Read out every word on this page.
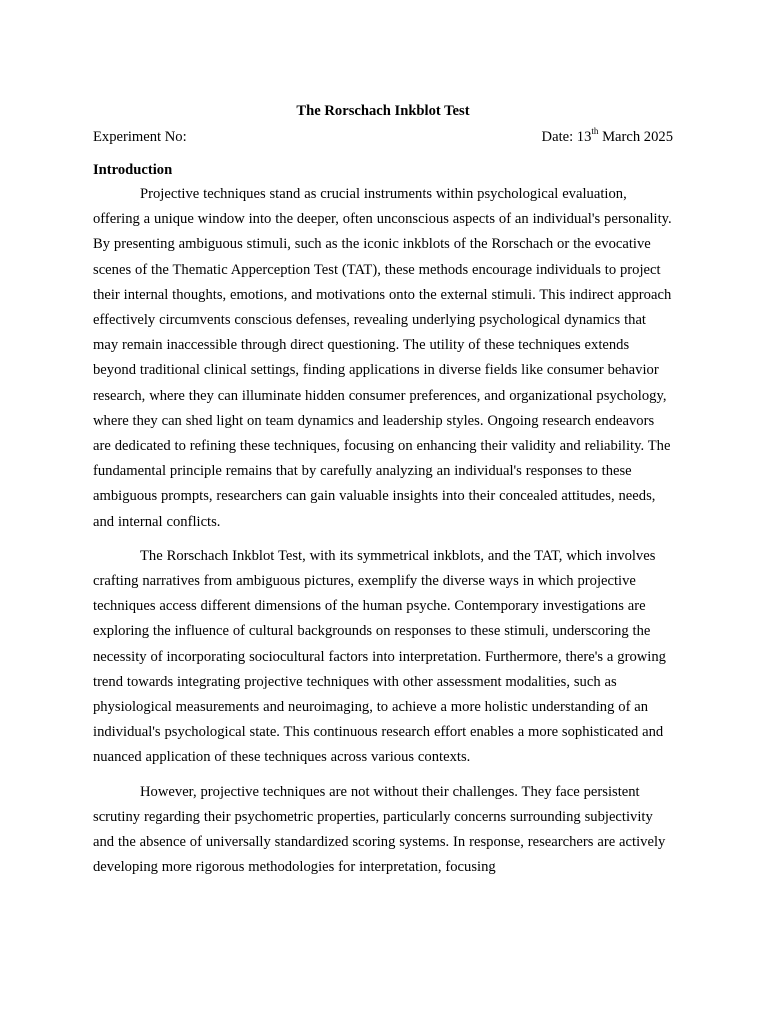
The Rorschach Inkblot Test
Experiment No:	Date: 13th March 2025
Introduction

Projective techniques stand as crucial instruments within psychological evaluation, offering a unique window into the deeper, often unconscious aspects of an individual's personality. By presenting ambiguous stimuli, such as the iconic inkblots of the Rorschach or the evocative scenes of the Thematic Apperception Test (TAT), these methods encourage individuals to project their internal thoughts, emotions, and motivations onto the external stimuli. This indirect approach effectively circumvents conscious defenses, revealing underlying psychological dynamics that may remain inaccessible through direct questioning. The utility of these techniques extends beyond traditional clinical settings, finding applications in diverse fields like consumer behavior research, where they can illuminate hidden consumer preferences, and organizational psychology, where they can shed light on team dynamics and leadership styles. Ongoing research endeavors are dedicated to refining these techniques, focusing on enhancing their validity and reliability. The fundamental principle remains that by carefully analyzing an individual's responses to these ambiguous prompts, researchers can gain valuable insights into their concealed attitudes, needs, and internal conflicts.

The Rorschach Inkblot Test, with its symmetrical inkblots, and the TAT, which involves crafting narratives from ambiguous pictures, exemplify the diverse ways in which projective techniques access different dimensions of the human psyche. Contemporary investigations are exploring the influence of cultural backgrounds on responses to these stimuli, underscoring the necessity of incorporating sociocultural factors into interpretation. Furthermore, there's a growing trend towards integrating projective techniques with other assessment modalities, such as physiological measurements and neuroimaging, to achieve a more holistic understanding of an individual's psychological state. This continuous research effort enables a more sophisticated and nuanced application of these techniques across various contexts.

However, projective techniques are not without their challenges. They face persistent scrutiny regarding their psychometric properties, particularly concerns surrounding subjectivity and the absence of universally standardized scoring systems. In response, researchers are actively developing more rigorous methodologies for interpretation, focusing
